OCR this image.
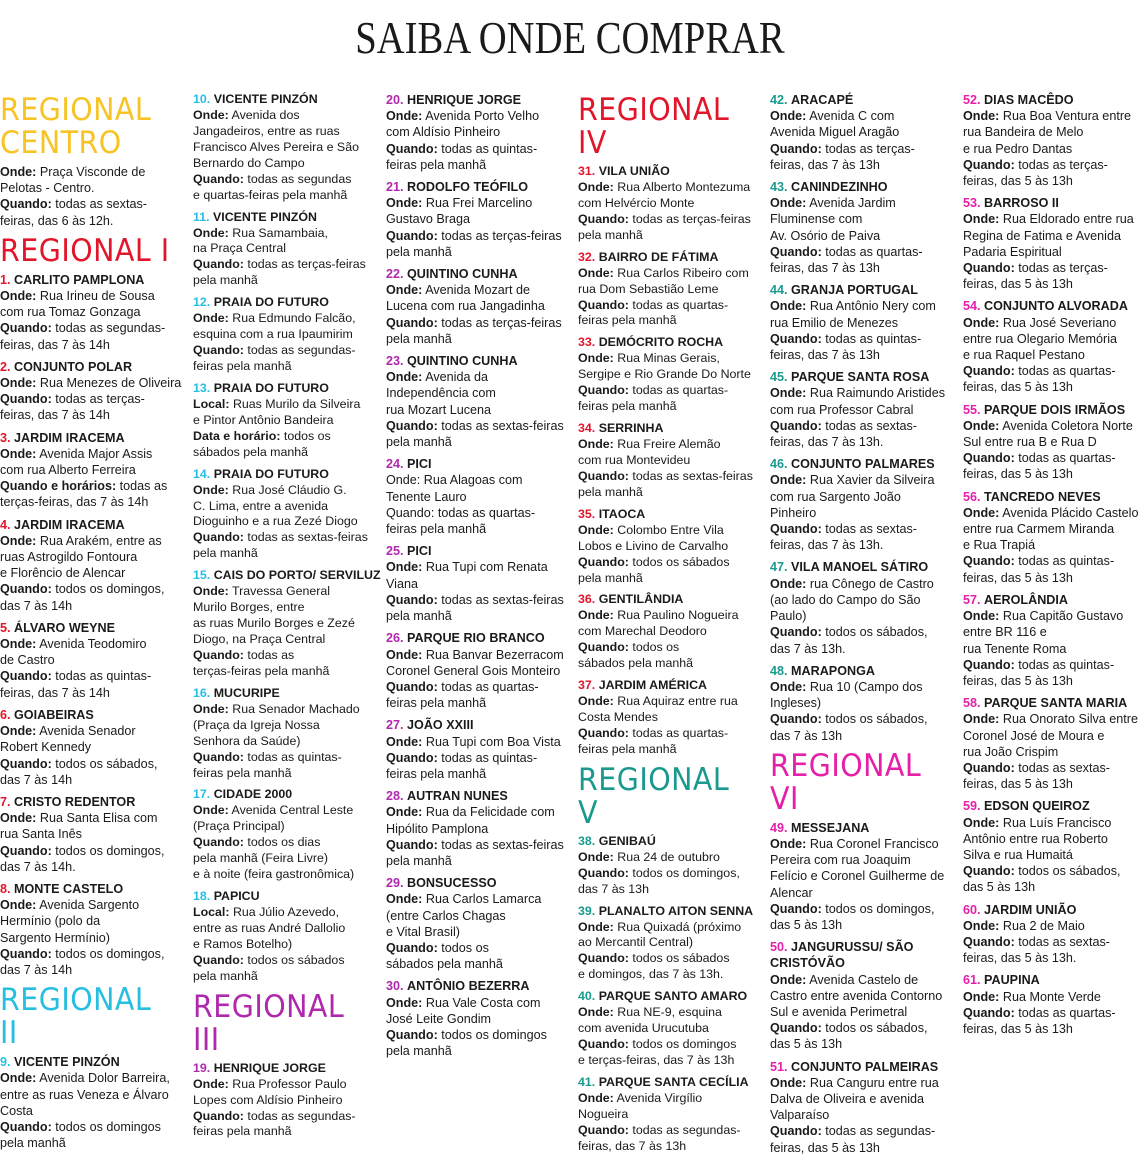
SAIBA ONDE COMPRAR
REGIONAL
CENTRO
Onde: Praça Visconde de
Pelotas - Centro.
Quando: todas as sextas-
feiras, das 6 às 12h.
REGIONAL I
1. CARLITO PAMPLONA
Onde: Rua Irineu de Sousa
com rua Tomaz Gonzaga
Quando: todas as segundas-
feiras, das 7 às 14h
2. CONJUNTO POLAR
Onde: Rua Menezes de Oliveira
Quando: todas as terças-
feiras, das 7 às 14h
3. JARDIM IRACEMA
Onde: Avenida Major Assis
com rua Alberto Ferreira
Quando e horários: todas as
terças-feiras, das 7 às 14h
4. JARDIM IRACEMA
Onde: Rua Arakém, entre as
ruas Astrogildo Fontoura
e Florêncio de Alencar
Quando: todos os domingos,
das 7 às 14h
5. ÁLVARO WEYNE
Onde: Avenida Teodomiro
de Castro
Quando: todas as quintas-
feiras, das 7 às 14h
6. GOIABEIRAS
Onde: Avenida Senador
Robert Kennedy
Quando: todos os sábados,
das 7 às 14h
7. CRISTO REDENTOR
Onde: Rua Santa Elisa com
rua Santa Inês
Quando: todos os domingos,
das 7 às 14h.
8. MONTE CASTELO
Onde: Avenida Sargento
Hermínio (polo da
Sargento Hermínio)
Quando: todos os domingos,
das 7 às 14h
REGIONAL II
9. VICENTE PINZÓN
Onde: Avenida Dolor Barreira,
entre as ruas Veneza e Álvaro
Costa
Quando: todos os domingos
pela manhã
10. VICENTE PINZÓN
Onde: Avenida dos
Jangadeiros, entre as ruas
Francisco Alves Pereira e São
Bernardo do Campo
Quando: todas as segundas
e quartas-feiras pela manhã
11. VICENTE PINZÓN
Onde: Rua Samambaia,
na Praça Central
Quando: todas as terças-feiras
pela manhã
12. PRAIA DO FUTURO
Onde: Rua Edmundo Falcão,
esquina com a rua Ipaumirim
Quando: todas as segundas-
feiras pela manhã
13. PRAIA DO FUTURO
Local: Ruas Murilo da Silveira
e Pintor Antônio Bandeira
Data e horário: todos os
sábados pela manhã
14. PRAIA DO FUTURO
Onde: Rua José Cláudio G.
C. Lima, entre a avenida
Dioguinho e a rua Zezé Diogo
Quando: todas as sextas-feiras
pela manhã
15. CAIS DO PORTO/ SERVILUZ
Onde: Travessa General
Murilo Borges, entre
as ruas Murilo Borges e Zezé
Diogo, na Praça Central
Quando: todas as
terças-feiras pela manhã
16. MUCURIPE
Onde: Rua Senador Machado
(Praça da Igreja Nossa
Senhora da Saúde)
Quando: todas as quintas-
feiras pela manhã
17. CIDADE 2000
Onde: Avenida Central Leste
(Praça Principal)
Quando: todos os dias
pela manhã (Feira Livre)
e à noite (feira gastronômica)
18. PAPICU
Local: Rua Júlio Azevedo,
entre as ruas André Dallolio
e Ramos Botelho)
Quando: todos os sábados
pela manhã
REGIONAL III
19. HENRIQUE JORGE
Onde: Rua Professor Paulo
Lopes com Aldísio Pinheiro
Quando: todas as segundas-
feiras pela manhã
20. HENRIQUE JORGE
Onde: Avenida Porto Velho
com Aldísio Pinheiro
Quando: todas as quintas-
feiras pela manhã
21. RODOLFO TEÓFILO
Onde: Rua Frei Marcelino
Gustavo Braga
Quando: todas as terças-feiras
pela manhã
22. QUINTINO CUNHA
Onde: Avenida Mozart de
Lucena com rua Jangadinha
Quando: todas as terças-feiras
pela manhã
23. QUINTINO CUNHA
Onde: Avenida da
Independência com
rua Mozart Lucena
Quando: todas as sextas-feiras
pela manhã
24. PICI
Onde: Rua Alagoas com
Tenente Lauro
Quando: todas as quartas-
feiras pela manhã
25. PICI
Onde: Rua Tupi com Renata
Viana
Quando: todas as sextas-feiras
pela manhã
26. PARQUE RIO BRANCO
Onde: Rua Banvar Bezerracom
Coronel General Gois Monteiro
Quando: todas as quartas-
feiras pela manhã
27. JOÃO XXIII
Onde: Rua Tupi com Boa Vista
Quando: todas as quintas-
feiras pela manhã
28. AUTRAN NUNES
Onde: Rua da Felicidade com
Hipólito Pamplona
Quando: todas as sextas-feiras
pela manhã
29. BONSUCESSO
Onde: Rua Carlos Lamarca
(entre Carlos Chagas
e Vital Brasil)
Quando: todos os
sábados pela manhã
30. ANTÔNIO BEZERRA
Onde: Rua Vale Costa com
José Leite Gondim
Quando: todos os domingos
pela manhã
REGIONAL IV
31. VILA UNIÃO
Onde: Rua Alberto Montezuma
com Helvércio Monte
Quando: todas as terças-feiras
pela manhã
32. BAIRRO DE FÁTIMA
Onde: Rua Carlos Ribeiro com
rua Dom Sebastião Leme
Quando: todas as quartas-
feiras pela manhã
33. DEMÓCRITO ROCHA
Onde: Rua Minas Gerais,
Sergipe e Rio Grande Do Norte
Quando: todas as quartas-
feiras pela manhã
34. SERRINHA
Onde: Rua Freire Alemão
com rua Montevideu
Quando: todas as sextas-feiras
pela manhã
35. ITAOCA
Onde: Colombo Entre Vila
Lobos e Livino de Carvalho
Quando: todos os sábados
pela manhã
36. GENTILÂNDIA
Onde: Rua Paulino Nogueira
com Marechal Deodoro
Quando: todos os
sábados pela manhã
37. JARDIM AMÉRICA
Onde: Rua Aquiraz entre rua
Costa Mendes
Quando: todas as quartas-
feiras pela manhã
REGIONAL V
38. GENIBAÚ
Onde: Rua 24 de outubro
Quando: todos os domingos,
das 7 às 13h
39. PLANALTO AITON SENNA
Onde: Rua Quixadá (próximo
ao Mercantil Central)
Quando: todos os sábados
e domingos, das 7 às 13h.
40. PARQUE SANTO AMARO
Onde: Rua NE-9, esquina
com avenida Urucutuba
Quando: todos os domingos
e terças-feiras, das 7 às 13h
41. PARQUE SANTA CECÍLIA
Onde: Avenida Virgílio
Nogueira
Quando: todas as segundas-
feiras, das 7 às 13h
42. ARACAPÉ
Onde: Avenida C com
Avenida Miguel Aragão
Quando: todas as terças-
feiras, das 7 às 13h
43. CANINDEZINHO
Onde: Avenida Jardim
Fluminense com
Av. Osório de Paiva
Quando: todas as quartas-
feiras, das 7 às 13h
44. GRANJA PORTUGAL
Onde: Rua Antônio Nery com
rua Emilio de Menezes
Quando: todas as quintas-
feiras, das 7 às 13h
45. PARQUE SANTA ROSA
Onde: Rua Raimundo Aristides
com rua Professor Cabral
Quando: todas as sextas-
feiras, das 7 às 13h.
46. CONJUNTO PALMARES
Onde: Rua Xavier da Silveira
com rua Sargento João
Pinheiro
Quando: todas as sextas-
feiras, das 7 às 13h.
47. VILA MANOEL SÁTIRO
Onde: rua Cônego de Castro
(ao lado do Campo do São
Paulo)
Quando: todos os sábados,
das 7 às 13h.
48. MARAPONGA
Onde: Rua 10 (Campo dos
Ingleses)
Quando: todos os sábados,
das 7 às 13h
REGIONAL VI
49. MESSEJANA
Onde: Rua Coronel Francisco
Pereira com rua Joaquim
Felício e Coronel Guilherme de
Alencar
Quando: todos os domingos,
das 5 às 13h
50. JANGURUSSU/ SÃO CRISTÓVÃO
Onde: Avenida Castelo de
Castro entre avenida Contorno
Sul e avenida Perimetral
Quando: todos os sábados,
das 5 às 13h
51. CONJUNTO PALMEIRAS
Onde: Rua Canguru entre rua
Dalva de Oliveira e avenida
Valparaíso
Quando: todas as segundas-
feiras, das 5 às 13h
52. DIAS MACÊDO
Onde: Rua Boa Ventura entre
rua Bandeira de Melo
e rua Pedro Dantas
Quando: todas as terças-
feiras, das 5 às 13h
53. BARROSO II
Onde: Rua Eldorado entre rua
Regina de Fatima e Avenida
Padaria Espiritual
Quando: todas as terças-
feiras, das 5 às 13h
54. CONJUNTO ALVORADA
Onde: Rua José Severiano
entre rua Olegario Memória
e rua Raquel Pestano
Quando: todas as quartas-
feiras, das 5 às 13h
55. PARQUE DOIS IRMÃOS
Onde: Avenida Coletora Norte
Sul entre rua B e Rua D
Quando: todas as quartas-
feiras, das 5 às 13h
56. TANCREDO NEVES
Onde: Avenida Plácido Castelo
entre rua Carmem Miranda
e Rua Trapiá
Quando: todas as quintas-
feiras, das 5 às 13h
57. AEROLÂNDIA
Onde: Rua Capitão Gustavo
entre BR 116 e
rua Tenente Roma
Quando: todas as quintas-
feiras, das 5 às 13h
58. PARQUE SANTA MARIA
Onde: Rua Onorato Silva entre
Coronel José de Moura e
rua João Crispim
Quando: todas as sextas-
feiras, das 5 às 13h
59. EDSON QUEIROZ
Onde: Rua Luís Francisco
Antônio entre rua Roberto
Silva e rua Humaitá
Quando: todos os sábados,
das 5 às 13h
60. JARDIM UNIÃO
Onde: Rua 2 de Maio
Quando: todas as sextas-
feiras, das 5 às 13h.
61. PAUPINA
Onde: Rua Monte Verde
Quando: todas as quartas-
feiras, das 5 às 13h
